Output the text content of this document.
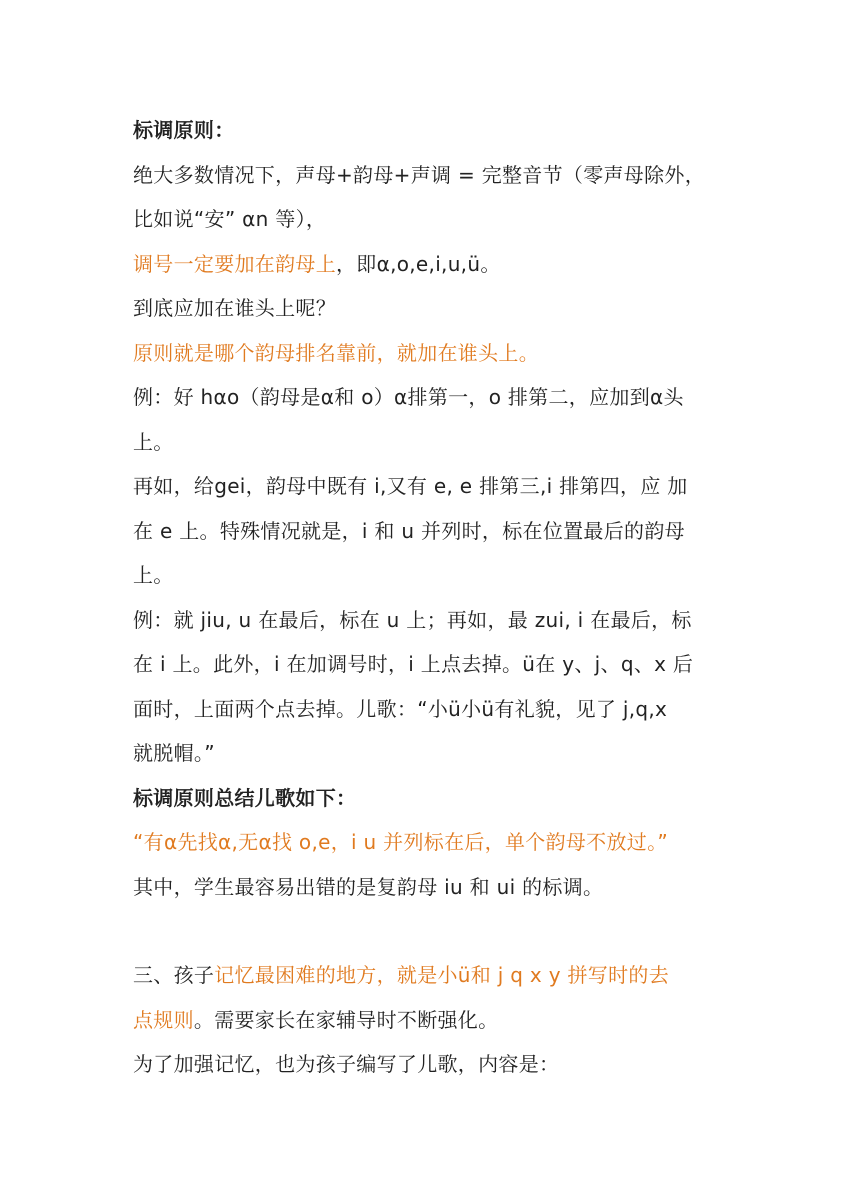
标调原则：
绝大多数情况下，声母+韵母+声调 = 完整音节（零声母除外，
比如说“安” αn 等），
调号一定要加在韵母上，即α,o,e,i,u,ü。
到底应加在谁头上呢？
原则就是哪个韵母排名靠前，就加在谁头上。
例：好 hαo（韵母是α和 o）α排第一，o 排第二，应加到α头
上。
再如，给gei，韵母中既有 i,又有 e, e 排第三,i 排第四，应 加
在 e 上。特殊情况就是，i 和 u 并列时，标在位置最后的韵母
上。
例：就 jiu, u 在最后，标在 u 上；再如，最 zui, i 在最后，标
在 i 上。此外，i 在加调号时，i 上点去掉。ü在 y、j、q、x 后
面时，上面两个点去掉。儿歌：“小ü小ü有礼貌，见了 j,q,x
就脱帽。”
标调原则总结儿歌如下：
“有α先找α,无α找 o,e，i u 并列标在后，单个韵母不放过。”
其中，学生最容易出错的是复韵母 iu 和 ui 的标调。
三、孩子记忆最困难的地方，就是小ü和 j q x y 拼写时的去
点规则。需要家长在家辅导时不断强化。
为了加强记忆，也为孩子编写了儿歌，内容是：
